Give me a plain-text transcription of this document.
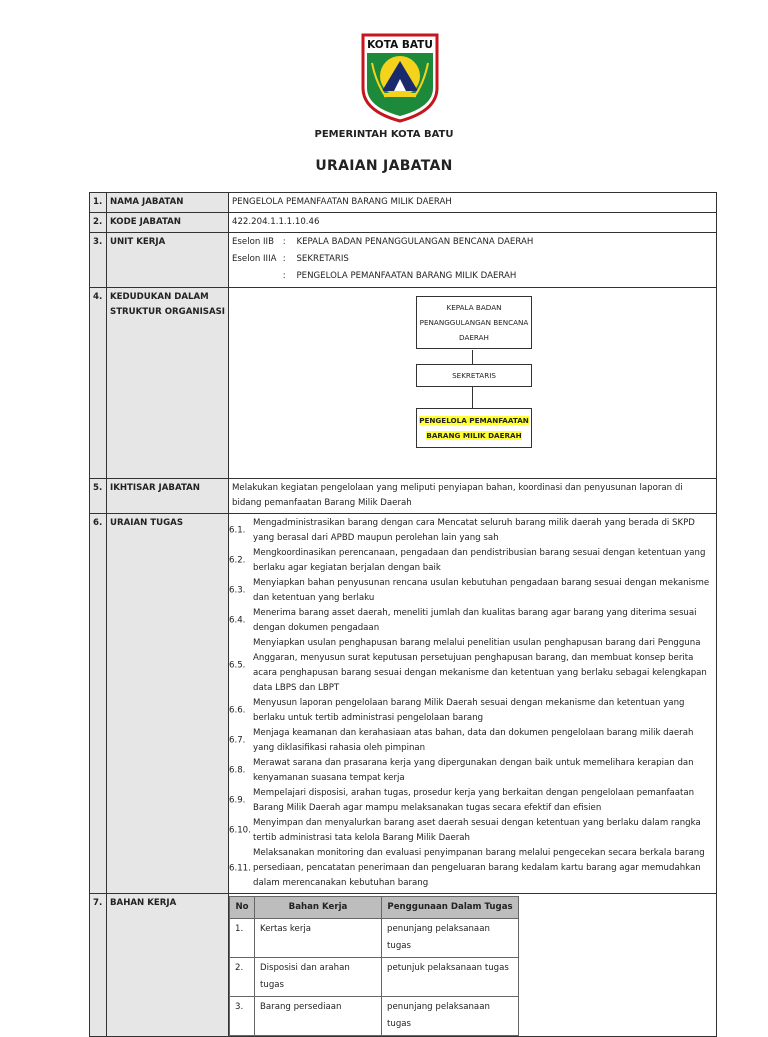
KOTA BATU
PEMERINTAH KOTA BATU
URAIAN JABATAN
1.	NAMA JABATAN	PENGELOLA PEMANFAATAN BARANG MILIK DAERAH
2.	KODE JABATAN	422.204.1.1.1.10.46
3.	UNIT KERJA	Eselon IIB : KEPALA BADAN PENANGGULANGAN BENCANA DAERAH
Eselon IIIA : SEKRETARIS
: PENGELOLA PEMANFAATAN BARANG MILIK DAERAH

4.	KEDUDUKAN DALAM STRUKTUR ORGANISASI	KEPALA BADAN PENANGGULANGAN BENCANA DAERAH
SEKRETARIS
PENGELOLA PEMANFAATAN BARANG MILIK DAERAH

5.	IKHTISAR JABATAN	Melakukan kegiatan pengelolaan yang meliputi penyiapan bahan, koordinasi dan penyusunan laporan di bidang pemanfaatan Barang Milik Daerah
6.	URAIAN TUGAS	
6.1.
Mengadministrasikan barang dengan cara Mencatat seluruh barang milik daerah yang berada di SKPD yang berasal dari APBD maupun perolehan lain yang sah
6.2.
Mengkoordinasikan perencanaan, pengadaan dan pendistribusian barang sesuai dengan ketentuan yang berlaku agar kegiatan berjalan dengan baik
6.3.
Menyiapkan bahan penyusunan rencana usulan kebutuhan pengadaan barang sesuai dengan mekanisme dan ketentuan yang berlaku
6.4.
Menerima barang asset daerah, meneliti jumlah dan kualitas barang agar barang yang diterima sesuai dengan dokumen pengadaan
6.5.
Menyiapkan usulan penghapusan barang melalui penelitian usulan penghapusan barang dari Pengguna Anggaran, menyusun surat keputusan persetujuan penghapusan barang, dan membuat konsep berita acara penghapusan barang sesuai dengan mekanisme dan ketentuan yang berlaku sebagai kelengkapan data LBPS dan LBPT
6.6.
Menyusun laporan pengelolaan barang Milik Daerah sesuai dengan mekanisme dan ketentuan yang berlaku untuk tertib administrasi pengelolaan barang
6.7.
Menjaga keamanan dan kerahasiaan atas bahan, data dan dokumen pengelolaan barang milik daerah yang diklasifikasi rahasia oleh pimpinan
6.8.
Merawat sarana dan prasarana kerja yang dipergunakan dengan baik untuk memelihara kerapian dan kenyamanan suasana tempat kerja
6.9.
Mempelajari disposisi, arahan tugas, prosedur kerja yang berkaitan dengan pengelolaan pemanfaatan Barang Milik Daerah agar mampu melaksanakan tugas secara efektif dan efisien
6.10.
Menyimpan dan menyalurkan barang aset daerah sesuai dengan ketentuan yang berlaku dalam rangka tertib administrasi tata kelola Barang Milik Daerah
6.11.
Melaksanakan monitoring dan evaluasi penyimpanan barang melalui pengecekan secara berkala barang persediaan, pencatatan penerimaan dan pengeluaran barang kedalam kartu barang agar memudahkan dalam merencanakan kebutuhan barang

7.	BAHAN KERJA		No	Bahan Kerja	Penggunaan Dalam Tugas
1.	Kertas kerja	penunjang pelaksanaan tugas
2.	Disposisi dan arahan tugas	petunjuk pelaksanaan tugas
3.	Barang persediaan	penunjang pelaksanaan tugas
